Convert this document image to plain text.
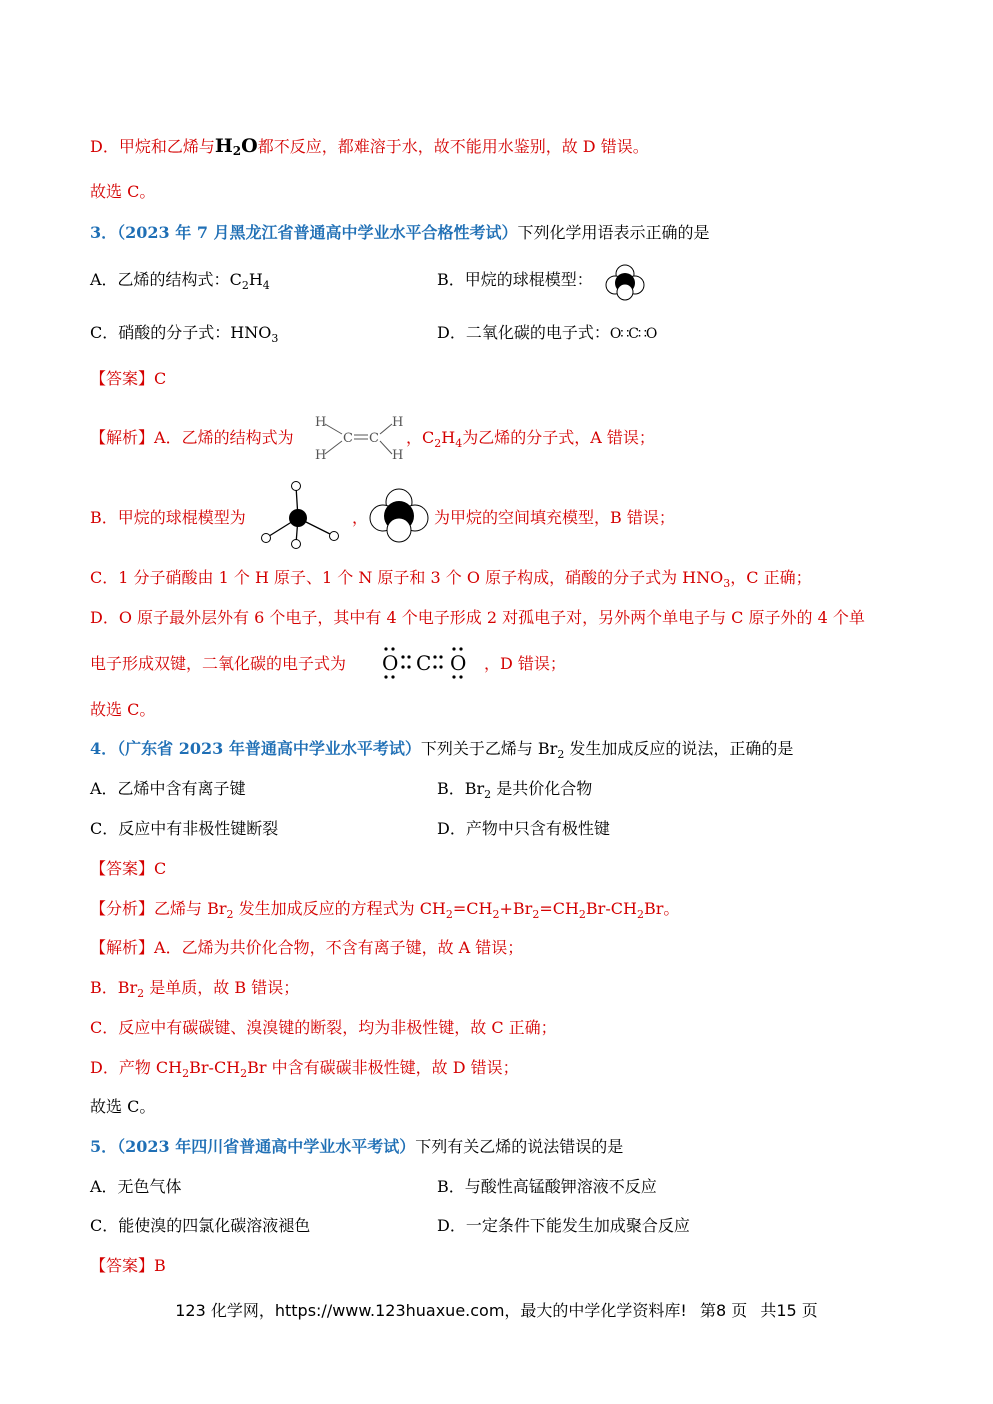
D．甲烷和乙烯与$H_2O$都不反应，都难溶于水，故不能用水鉴别，故 D 错误。
故选 C。
3．（2023 年 7 月黑龙江省普通高中学业水平合格性考试）下列化学用语表示正确的是
A．乙烯的结构式：$C_2H_4$	B．甲烷的球棍模型：
C．硝酸的分子式：$HNO_3$	D．二氧化碳的电子式：O∷C∷O
【答案】C
【解析】A．乙烯的结构式为
H
H
C C
H
H
，$C_2H_4$为乙烯的分子式，A 错误；
B．甲烷的球棍模型为	，	为甲烷的空间填充模型，B 错误；
C．1 分子硝酸由 1 个 H 原子、1 个 N 原子和 3 个 O 原子构成，硝酸的分子式为 $HNO_3$，C 正确；
D．O 原子最外层外有 6 个电子，其中有 4 个电子形成 2 对孤电子对，另外两个单电子与 C 原子外的 4 个单
电子形成双键，二氧化碳的电子式为 O C O ，D 错误；
故选 C。
4．（广东省 2023 年普通高中学业水平考试）下列关于乙烯与 $Br_2$ 发生加成反应的说法，正确的是
A．乙烯中含有离子键	B．$Br_2$ 是共价化合物
C．反应中有非极性键断裂	D．产物中只含有极性键
【答案】C
【分析】乙烯与 $Br_2$ 发生加成反应的方程式为 $CH_2=CH_2+Br_2=CH_2Br-CH_2Br$。
【解析】A．乙烯为共价化合物，不含有离子键，故 A 错误；
B．$Br_2$ 是单质，故 B 错误；
C．反应中有碳碳键、溴溴键的断裂，均为非极性键，故 C 正确；
D．产物 $CH_2Br-CH_2Br$ 中含有碳碳非极性键，故 D 错误；
故选 C。
5．（2023 年四川省普通高中学业水平考试）下列有关乙烯的说法错误的是
A．无色气体	B．与酸性高锰酸钾溶液不反应
C．能使溴的四氯化碳溶液褪色	D．一定条件下能发生加成聚合反应
【答案】B
123 化学网，https://www.123huaxue.com，最大的中学化学资料库! 第8 页 共15 页
